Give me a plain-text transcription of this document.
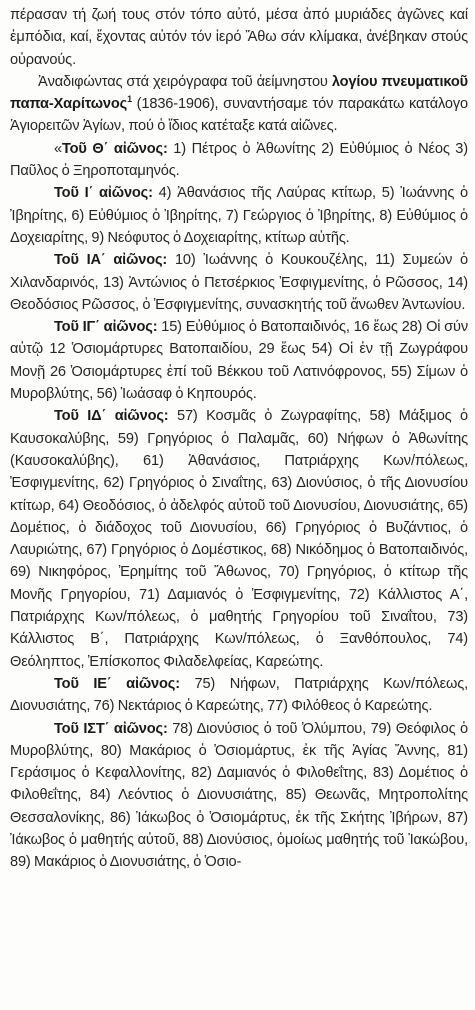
πέρασαν τή ζωή τους στόν τόπο αὐτό, μέσα ἀπό μυριάδες ἀγῶνες καί ἐμπόδια, καί, ἔχοντας αὐτόν τόν ἱερό Ἄθω σάν κλίμακα, ἀνέβηκαν στούς οὐρανούς.

Ἀναδιφώντας στά χειρόγραφα τοῦ ἀείμνηστου λογίου πνευματικοῦ παπα-Χαρίτωνος$^1$ (1836-1906), συναντήσαμε τόν παρακάτω κατάλογο Ἁγιορειτῶν Ἁγίων, πού ὁ ἴδιος κατέταξε κατά αἰῶνες.

«Τοῦ Θ΄ αἰῶνος: 1) Πέτρος ὁ Ἀθωνίτης 2) Εὐθύμιος ὁ Νέος 3) Παῦλος ὁ Ξηροποταμηνός.

Τοῦ Ι΄ αἰῶνος: 4) Ἀθανάσιος τῆς Λαύρας κτίτωρ, 5) Ἰωάννης ὁ Ἰβηρίτης, 6) Εὐθύμιος ὁ Ἰβηρίτης, 7) Γεώργιος ὁ Ἰβηρίτης, 8) Εὐθύμιος ὁ Δοχειαρίτης, 9) Νεόφυτος ὁ Δοχειαρίτης, κτίτωρ αὐτῆς.

Τοῦ ΙΑ΄ αἰῶνος: 10) Ἰωάννης ὁ Κουκουζέλης, 11) Συμεών ὁ Χιλανδαρινός, 13) Ἀντώνιος ὁ Πετσέρκιος Ἐσφιγμενίτης, ὁ Ρῶσσος, 14) Θεοδόσιος Ρῶσσος, ὁ Ἐσφιγμενίτης, συνασκητής τοῦ ἄνωθεν Ἀντωνίου.

Τοῦ ΙΓ΄ αἰῶνος: 15) Εὐθύμιος ὁ Βατοπαιδινός, 16 ἕως 28) Οἱ σύν αὐτῷ 12 Ὁσιομάρτυρες Βατοπαιδίου, 29 ἕως 54) Οἱ ἐν τῇ Ζωγράφου Μονῇ 26 Ὁσιομάρτυρες ἐπί τοῦ Βέκκου τοῦ Λατινόφρονος, 55) Σίμων ὁ Μυροβλύτης, 56) Ἰωάσαφ ὁ Κηπουρός.

Τοῦ ΙΔ΄ αἰῶνος: 57) Κοσμᾶς ὁ Ζωγραφίτης, 58) Μάξιμος ὁ Καυσοκαλύβης, 59) Γρηγόριος ὁ Παλαμᾶς, 60) Νήφων ὁ Ἀθωνίτης (Καυσοκαλύβης), 61) Ἀθανάσιος, Πατριάρχης Κων/πόλεως, Ἐσφιγμενίτης, 62) Γρηγόριος ὁ Σιναΐτης, 63) Διονύσιος, ὁ τῆς Διονυσίου κτίτωρ, 64) Θεοδόσιος, ὁ ἀδελφός αὐτοῦ τοῦ Διονυσίου, Διονυσιάτης, 65) Δομέτιος, ὁ διάδοχος τοῦ Διονυσίου, 66) Γρηγόριος ὁ Βυζάντιος, ὁ Λαυριώτης, 67) Γρηγόριος ὁ Δομέστικος, 68) Νικόδημος ὁ Βατοπαιδινός, 69) Νικηφόρος, Ἐρημίτης τοῦ Ἄθωνος, 70) Γρηγόριος, ὁ κτίτωρ τῆς Μονῆς Γρηγορίου, 71) Δαμιανός ὁ Ἐσφιγμενίτης, 72) Κάλλιστος Α΄, Πατριάρχης Κων/πόλεως, ὁ μαθητής Γρηγορίου τοῦ Σιναΐτου, 73) Κάλλιστος Β΄, Πατριάρχης Κων/πόλεως, ὁ Ξανθόπουλος, 74) Θεόληπτος, Ἐπίσκοπος Φιλαδελφείας, Καρεώτης.

Τοῦ ΙΕ΄ αἰῶνος: 75) Νήφων, Πατριάρχης Κων/πόλεως, Διονυσιάτης, 76) Νεκτάριος ὁ Καρεώτης, 77) Φιλόθεος ὁ Καρεώτης.

Τοῦ ΙΣΤ΄ αἰῶνος: 78) Διονύσιος ὁ τοῦ Ὀλύμπου, 79) Θεόφιλος ὁ Μυροβλύτης, 80) Μακάριος ὁ Ὁσιομάρτυς, ἐκ τῆς Ἁγίας Ἄννης, 81) Γεράσιμος ὁ Κεφαλλονίτης, 82) Δαμιανός ὁ Φιλοθεΐτης, 83) Δομέτιος ὁ Φιλοθεΐτης, 84) Λεόντιος ὁ Διονυσιάτης, 85) Θεωνᾶς, Μητροπολίτης Θεσσαλονίκης, 86) Ἰάκωβος ὁ Ὁσιομάρτυς, ἐκ τῆς Σκήτης Ἰβήρων, 87) Ἰάκωβος ὁ μαθητής αὐτοῦ, 88) Διονύσιος, ὁμοίως μαθητής τοῦ Ἰακώβου, 89) Μακάριος ὁ Διονυσιάτης, ὁ Ὁσιο-
